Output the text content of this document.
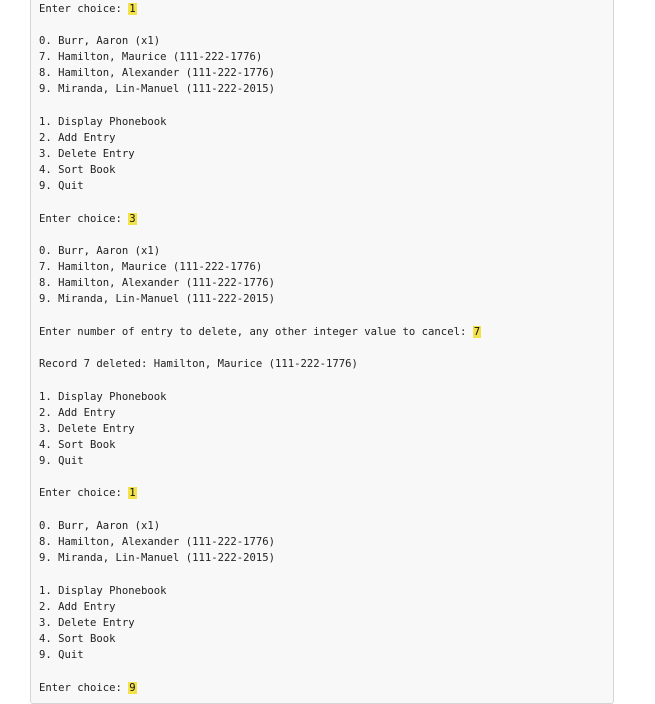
Enter choice: 1
0. Burr, Aaron (x1)
7. Hamilton, Maurice (111-222-1776)
8. Hamilton, Alexander (111-222-1776)
9. Miranda, Lin-Manuel (111-222-2015)
1. Display Phonebook
2. Add Entry
3. Delete Entry
4. Sort Book
9. Quit
Enter choice: 3
0. Burr, Aaron (x1)
7. Hamilton, Maurice (111-222-1776)
8. Hamilton, Alexander (111-222-1776)
9. Miranda, Lin-Manuel (111-222-2015)
Enter number of entry to delete, any other integer value to cancel: 7
Record 7 deleted: Hamilton, Maurice (111-222-1776)
1. Display Phonebook
2. Add Entry
3. Delete Entry
4. Sort Book
9. Quit
Enter choice: 1
0. Burr, Aaron (x1)
8. Hamilton, Alexander (111-222-1776)
9. Miranda, Lin-Manuel (111-222-2015)
1. Display Phonebook
2. Add Entry
3. Delete Entry
4. Sort Book
9. Quit
Enter choice: 9
